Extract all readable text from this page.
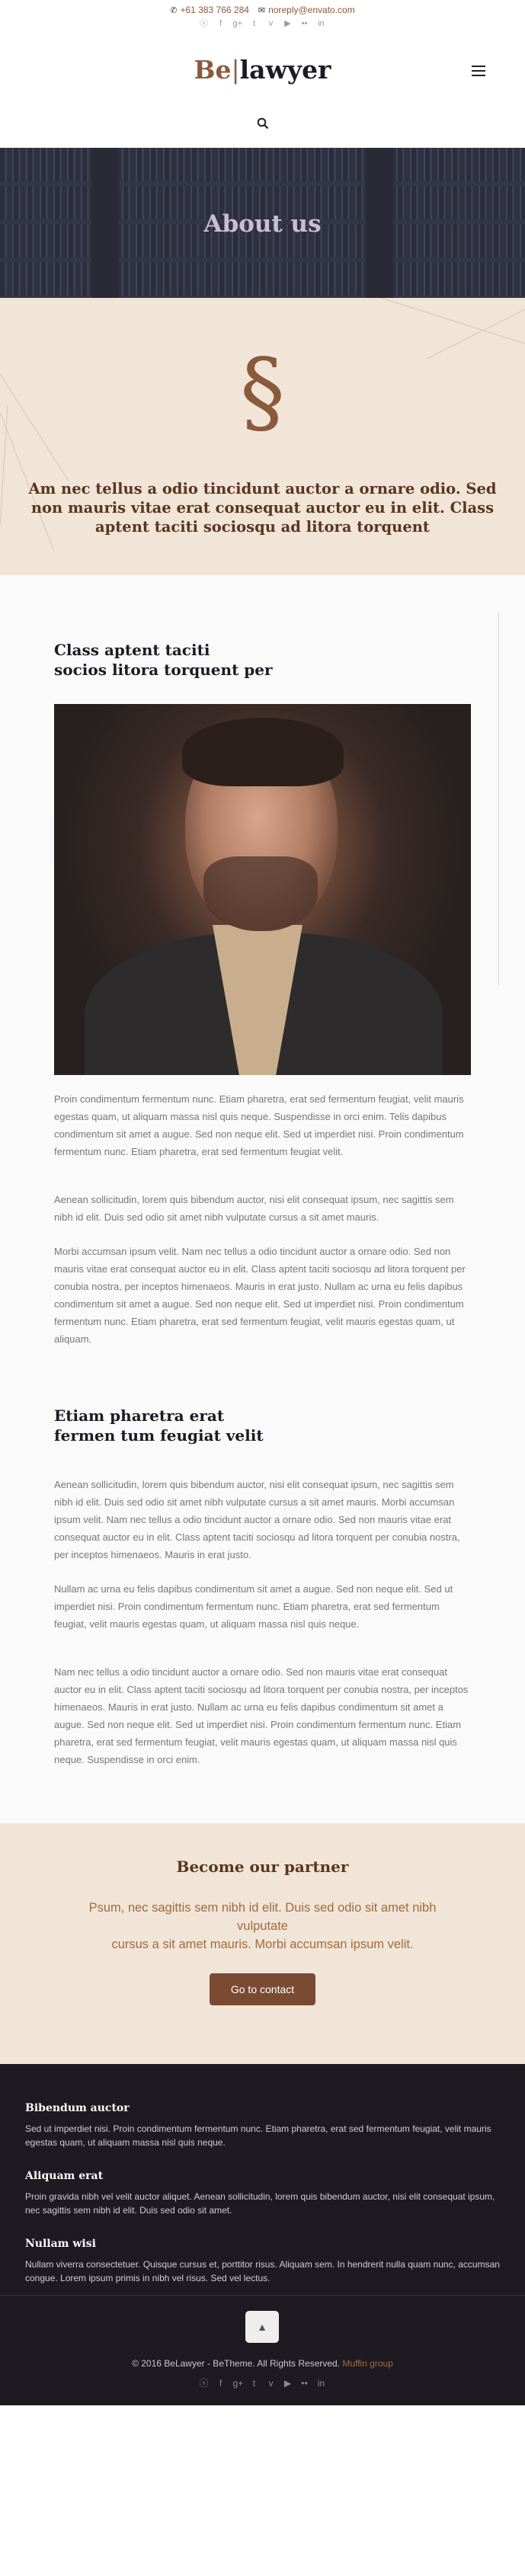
✆ +61 383 766 284 ✉ noreply@envato.com
ⓢ	f	g+	t	v ▶ •• in
Be|lawyer
About us
§
Am nec tellus a odio tincidunt auctor a ornare odio. Sed non mauris vitae erat consequat auctor eu in elit. Class aptent taciti sociosqu ad litora torquent
Class aptent taciti
socios litora torquent per

Proin condimentum fermentum nunc. Etiam pharetra, erat sed fermentum feugiat, velit mauris egestas quam, ut aliquam massa nisl quis neque. Suspendisse in orci enim. Telis dapibus condimentum sit amet a augue. Sed non neque elit. Sed ut imperdiet nisi. Proin condimentum fermentum nunc. Etiam pharetra, erat sed fermentum feugiat velit.

Aenean sollicitudin, lorem quis bibendum auctor, nisi elit consequat ipsum, nec sagittis sem nibh id elit. Duis sed odio sit amet nibh vulputate cursus a sit amet mauris.

Morbi accumsan ipsum velit. Nam nec tellus a odio tincidunt auctor a ornare odio. Sed non mauris vitae erat consequat auctor eu in elit. Class aptent taciti sociosqu ad litora torquent per conubia nostra, per inceptos himenaeos. Mauris in erat justo. Nullam ac urna eu felis dapibus condimentum sit amet a augue. Sed non neque elit. Sed ut imperdiet nisi. Proin condimentum fermentum nunc. Etiam pharetra, erat sed fermentum feugiat, velit mauris egestas quam, ut aliquam.

Etiam pharetra erat
fermen tum feugiat velit

Aenean sollicitudin, lorem quis bibendum auctor, nisi elit consequat ipsum, nec sagittis sem nibh id elit. Duis sed odio sit amet nibh vulputate cursus a sit amet mauris. Morbi accumsan ipsum velit. Nam nec tellus a odio tincidunt auctor a ornare odio. Sed non mauris vitae erat consequat auctor eu in elit. Class aptent taciti sociosqu ad litora torquent per conubia nostra, per inceptos himenaeos. Mauris in erat justo.

Nullam ac urna eu felis dapibus condimentum sit amet a augue. Sed non neque elit. Sed ut imperdiet nisi. Proin condimentum fermentum nunc. Etiam pharetra, erat sed fermentum feugiat, velit mauris egestas quam, ut aliquam massa nisl quis neque.

Nam nec tellus a odio tincidunt auctor a ornare odio. Sed non mauris vitae erat consequat auctor eu in elit. Class aptent taciti sociosqu ad litora torquent per conubia nostra, per inceptos himenaeos. Mauris in erat justo. Nullam ac urna eu felis dapibus condimentum sit amet a augue. Sed non neque elit. Sed ut imperdiet nisi. Proin condimentum fermentum nunc. Etiam pharetra, erat sed fermentum feugiat, velit mauris egestas quam, ut aliquam massa nisl quis neque. Suspendisse in orci enim.

Become our partner

Psum, nec sagittis sem nibh id elit. Duis sed odio sit amet nibh vulputate
cursus a sit amet mauris. Morbi accumsan ipsum velit.

Go to contact
Bibendum auctor

Sed ut imperdiet nisi. Proin condimentum fermentum nunc. Etiam pharetra, erat sed fermentum feugiat, velit mauris egestas quam, ut aliquam massa nisl quis neque.

Aliquam erat

Proin gravida nibh vel velit auctor aliquet. Aenean sollicitudin, lorem quis bibendum auctor, nisi elit consequat ipsum, nec sagittis sem nibh id elit. Duis sed odio sit amet.

Nullam wisi

Nullam viverra consectetuer. Quisque cursus et, porttitor risus. Aliquam sem. In hendrerit nulla quam nunc, accumsan congue. Lorem ipsum primis in nibh vel risus. Sed vel lectus.

▲
© 2016 BeLawyer - BeTheme. All Rights Reserved. Muffin group
ⓢ	f	g+	t	v ▶ •• in
